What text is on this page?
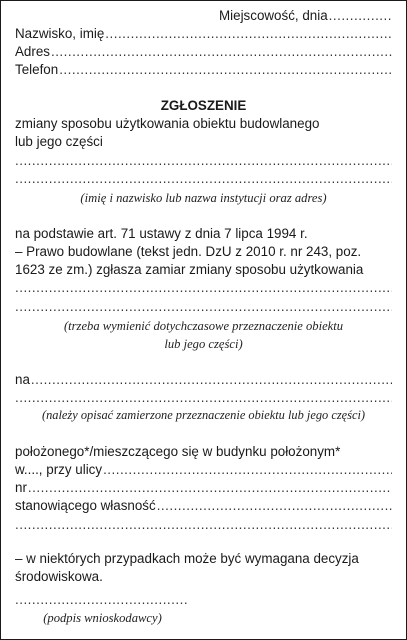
Miejscowość, dnia
.....
Nazwisko, imię
.....
Adres
.....
Telefon
.....
ZGŁOSZENIE
zmiany sposobu użytkowania obiektu budowlanego
lub jego części
.....
.....
(imię i nazwisko lub nazwa instytucji oraz adres)
na podstawie art. 71 ustawy z dnia 7 lipca 1994 r.
– Prawo budowlane (tekst jedn. DzU z 2010 r. nr 243, poz.
1623 ze zm.) zgłasza zamiar zmiany sposobu użytkowania
.....
.....
(trzeba wymienić dotychczasowe przeznaczenie obiektu
lub jego części)
na
.....
.....
(należy opisać zamierzone przeznaczenie obiektu lub jego części)
położonego*/mieszczącego się w budynku położonym*
w...., przy ulicy
.....
nr
.....
stanowiącego własność
.....
.....
– w niektórych przypadkach może być wymagana decyzja
środowiskowa.
.....
(podpis wnioskodawcy)
